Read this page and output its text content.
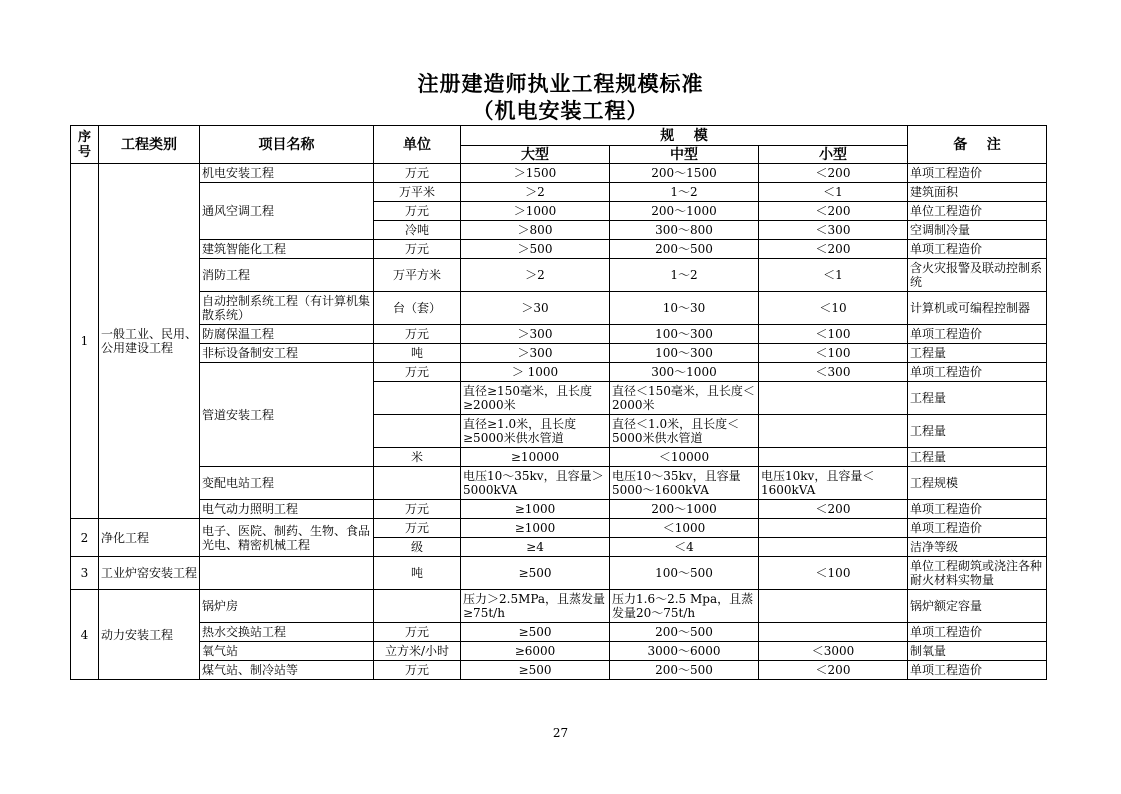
注册建造师执业工程规模标准
（机电安装工程）
序号	工程类别	项目名称	单位	规    模			备    注
				大型	中型	小型	
1	一般工业、民用、公用建设工程	机电安装工程	万元	＞1500	200～1500	＜200	单项工程造价
		通风空调工程	万平米	＞2	1～2	＜1	建筑面积
			万元	＞1000	200～1000	＜200	单位工程造价
			冷吨	＞800	300～800	＜300	空调制冷量
		建筑智能化工程	万元	＞500	200～500	＜200	单项工程造价
		消防工程	万平方米	＞2	1～2	＜1	含火灾报警及联动控制系统
		自动控制系统工程（有计算机集散系统）	台（套）	＞30	10～30	＜10	计算机或可编程控制器
		防腐保温工程	万元	＞300	100～300	＜100	单项工程造价
		非标设备制安工程	吨	＞300	100～300	＜100	工程量
		管道安装工程	万元	＞ 1000	300～1000	＜300	单项工程造价
				直径≥150毫米，且长度≥2000米	直径＜150毫米，且长度＜2000米		工程量
				直径≥1.0米，且长度≥5000米供水管道	直径＜1.0米，且长度＜5000米供水管道		工程量
			米	≥10000	＜10000		工程量
		变配电站工程		电压10～35kv，且容量＞5000kVA	电压10～35kv，且容量5000～1600kVA	电压10kv，且容量＜1600kVA	工程规模
		电气动力照明工程	万元	≥1000	200～1000	＜200	单项工程造价
2	净化工程	电子、医院、制药、生物、食品光电、精密机械工程	万元	≥1000	＜1000		单项工程造价
			级	≥4	＜4		洁净等级
3	工业炉窑安装工程		吨	≥500	100～500	＜100	单位工程砌筑或浇注各种耐火材料实物量
4	动力安装工程	锅炉房		压力＞2.5MPa，且蒸发量≥75t/h	压力1.6～2.5 Mpa，且蒸发量20～75t/h		锅炉额定容量
		热水交换站工程	万元	≥500	200～500		单项工程造价
		氧气站	立方米/小时	≥6000	3000～6000	＜3000	制氧量
		煤气站、制冷站等	万元	≥500	200～500	＜200	单项工程造价
27
